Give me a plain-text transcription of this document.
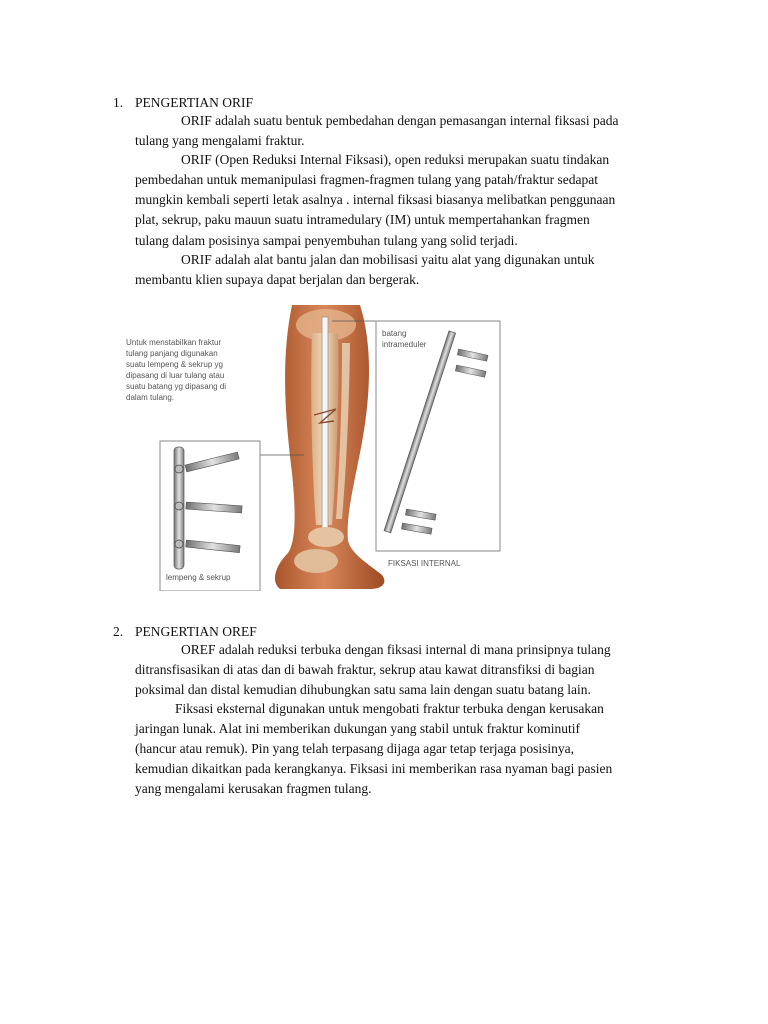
1. PENGERTIAN ORIF
ORIF adalah suatu bentuk pembedahan dengan pemasangan internal fiksasi pada
tulang yang mengalami fraktur.
ORIF (Open Reduksi Internal Fiksasi), open reduksi merupakan suatu tindakan
pembedahan untuk memanipulasi fragmen-fragmen tulang yang patah/fraktur sedapat
mungkin kembali seperti letak asalnya . internal fiksasi biasanya melibatkan penggunaan
plat, sekrup, paku mauun suatu intramedulary (IM) untuk mempertahankan fragmen
tulang dalam posisinya sampai penyembuhan tulang yang solid terjadi.
ORIF adalah alat bantu jalan dan mobilisasi yaitu alat yang digunakan untuk
membantu klien supaya dapat berjalan dan bergerak.
Untuk menstabilkan fraktur
tulang panjang digunakan
suatu lempeng & sekrup yg
dipasang di luar tulang atau
suatu batang yg dipasang di
dalam tulang.
lempeng & sekrup
batang
intrameduler
FIKSASI INTERNAL
2. PENGERTIAN OREF
OREF adalah reduksi terbuka dengan fiksasi internal di mana prinsipnya tulang
ditransfisasikan di atas dan di bawah fraktur, sekrup atau kawat ditransfiksi di bagian
poksimal dan distal kemudian dihubungkan satu sama lain dengan suatu batang lain.
Fiksasi eksternal digunakan untuk mengobati fraktur terbuka dengan kerusakan
jaringan lunak. Alat ini memberikan dukungan yang stabil untuk fraktur kominutif
(hancur atau remuk). Pin yang telah terpasang dijaga agar tetap terjaga posisinya,
kemudian dikaitkan pada kerangkanya. Fiksasi ini memberikan rasa nyaman bagi pasien
yang mengalami kerusakan fragmen tulang.
